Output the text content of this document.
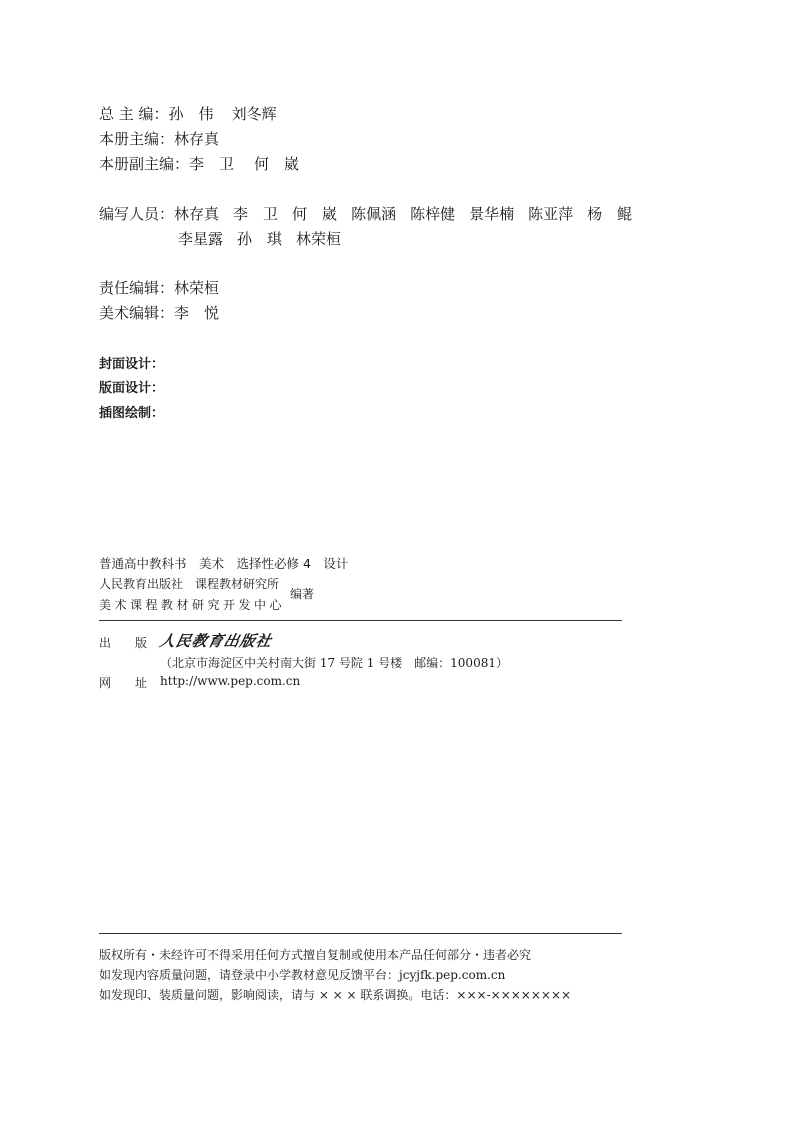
总 主 编：孙　伟 刘冬辉
本册主编：林存真
本册副主编：李　卫 何　崴
编写人员：林存真 李　卫 何　崴 陈佩涵 陈梓健 景华楠 陈亚萍 杨　鲲
李星露 孙　琪 林荣桓
责任编辑：林荣桓
美术编辑：李　悦
封面设计：
版面设计：
插图绘制：
普通高中教科书　美术　选择性必修 4　设计
人民教育出版社　课程教材研究所
美术课程教材研究开发中心
编著
出　　版 人民教育出版社
（北京市海淀区中关村南大街 17 号院 1 号楼　邮编：100081）
网　　址 http://www.pep.com.cn
版权所有・未经许可不得采用任何方式擅自复制或使用本产品任何部分・违者必究
如发现内容质量问题，请登录中小学教材意见反馈平台：jcyjfk.pep.com.cn
如发现印、装质量问题，影响阅读，请与 × × × 联系调换。电话：×××-××××××××
